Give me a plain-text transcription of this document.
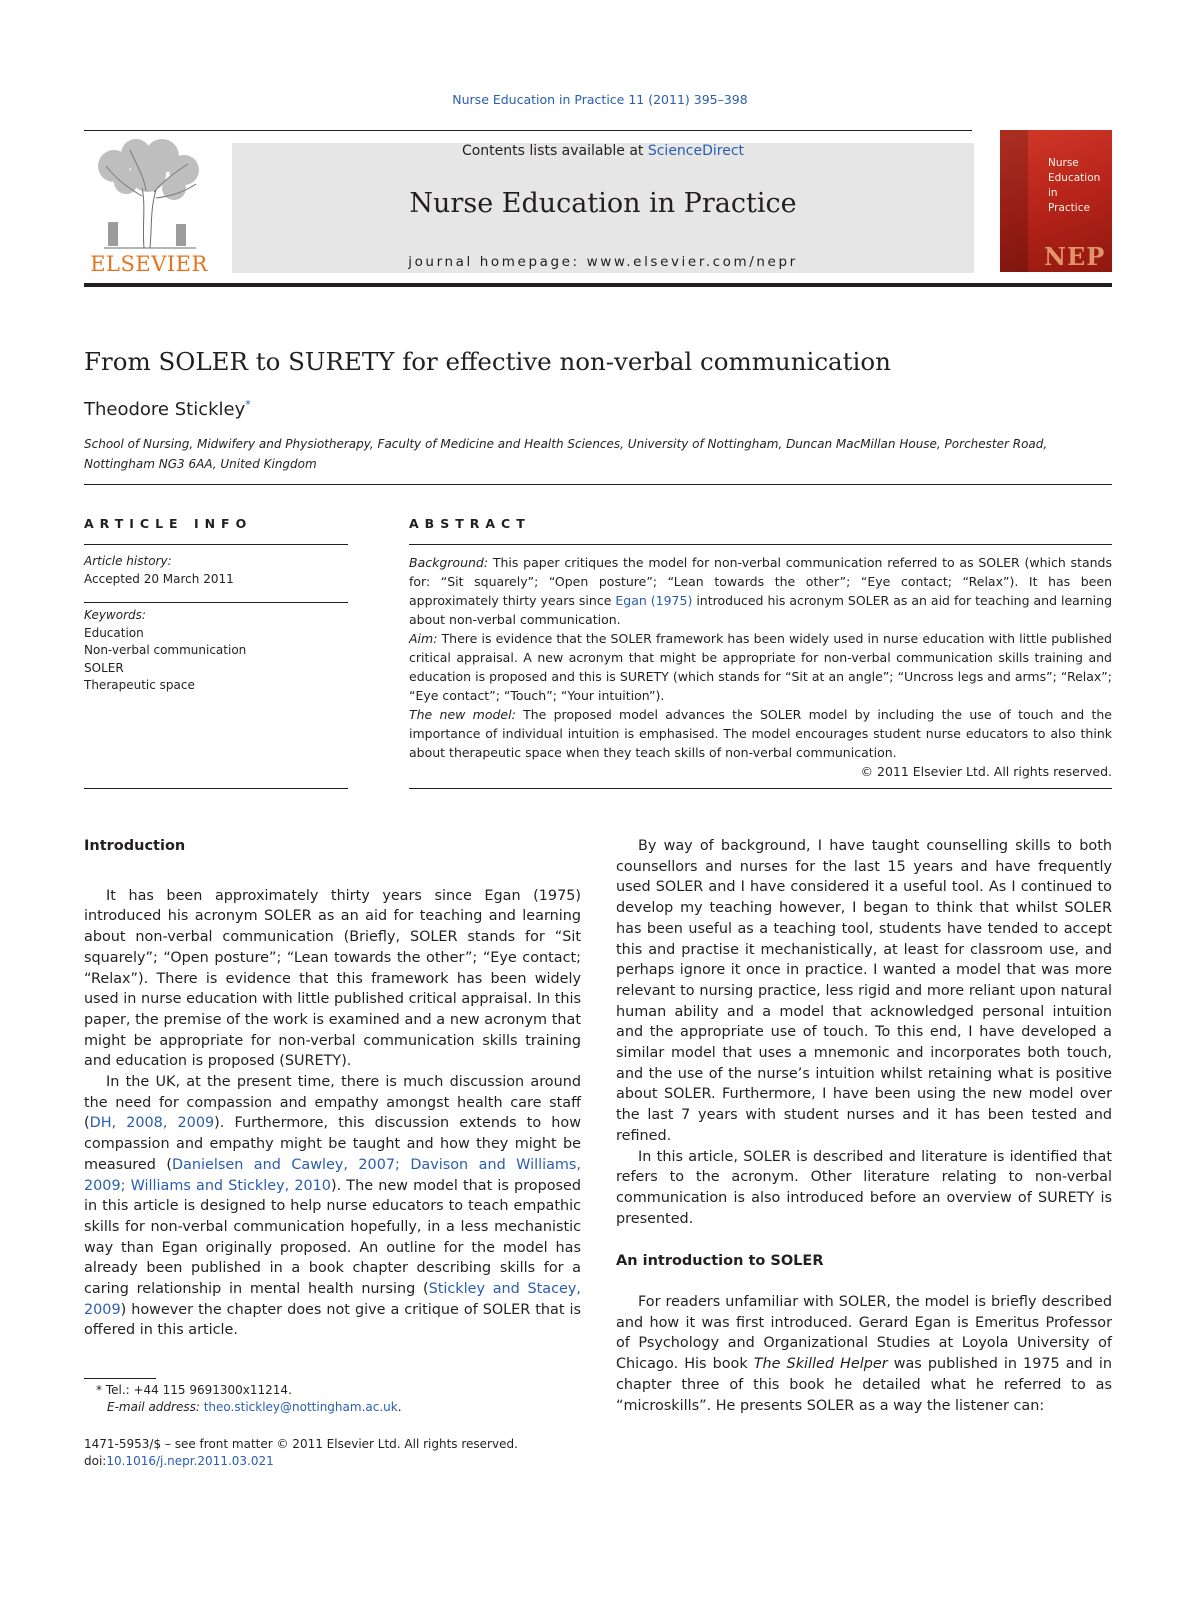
Nurse Education in Practice 11 (2011) 395–398
ELSEVIER
Contents lists available at ScienceDirect
Nurse Education in Practice
journal homepage: www.elsevier.com/nepr
Nurse
Education in
Practice
NEP
From SOLER to SURETY for effective non-verbal communication
Theodore Stickley*
School of Nursing, Midwifery and Physiotherapy, Faculty of Medicine and Health Sciences, University of Nottingham, Duncan MacMillan House, Porchester Road, Nottingham NG3 6AA, United Kingdom
ARTICLE INFO
Article history:
Accepted 20 March 2011
Keywords:
Education
Non-verbal communication
SOLER
Therapeutic space
ABSTRACT

Background: This paper critiques the model for non-verbal communication referred to as SOLER (which stands for: “Sit squarely”; “Open posture”; “Lean towards the other”; “Eye contact; “Relax”). It has been approximately thirty years since Egan (1975) introduced his acronym SOLER as an aid for teaching and learning about non-verbal communication.

Aim: There is evidence that the SOLER framework has been widely used in nurse education with little published critical appraisal. A new acronym that might be appropriate for non-verbal communication skills training and education is proposed and this is SURETY (which stands for “Sit at an angle”; “Uncross legs and arms”; “Relax”; “Eye contact”; “Touch”; “Your intuition”).

The new model: The proposed model advances the SOLER model by including the use of touch and the importance of individual intuition is emphasised. The model encourages student nurse educators to also think about therapeutic space when they teach skills of non-verbal communication.

© 2011 Elsevier Ltd. All rights reserved.

Introduction

It has been approximately thirty years since Egan (1975) introduced his acronym SOLER as an aid for teaching and learning about non-verbal communication (Briefly, SOLER stands for “Sit squarely”; “Open posture”; “Lean towards the other”; “Eye contact; “Relax”). There is evidence that this framework has been widely used in nurse education with little published critical appraisal. In this paper, the premise of the work is examined and a new acronym that might be appropriate for non-verbal communication skills training and education is proposed (SURETY).

In the UK, at the present time, there is much discussion around the need for compassion and empathy amongst health care staff (DH, 2008, 2009). Furthermore, this discussion extends to how compassion and empathy might be taught and how they might be measured (Danielsen and Cawley, 2007; Davison and Williams, 2009; Williams and Stickley, 2010). The new model that is proposed in this article is designed to help nurse educators to teach empathic skills for non-verbal communication hopefully, in a less mechanistic way than Egan originally proposed. An outline for the model has already been published in a book chapter describing skills for a caring relationship in mental health nursing (Stickley and Stacey, 2009) however the chapter does not give a critique of SOLER that is offered in this article.

* Tel.: +44 115 9691300x11214.
E-mail address: theo.stickley@nottingham.ac.uk.
1471-5953/$ – see front matter © 2011 Elsevier Ltd. All rights reserved.
doi:10.1016/j.nepr.2011.03.021

By way of background, I have taught counselling skills to both counsellors and nurses for the last 15 years and have frequently used SOLER and I have considered it a useful tool. As I continued to develop my teaching however, I began to think that whilst SOLER has been useful as a teaching tool, students have tended to accept this and practise it mechanistically, at least for classroom use, and perhaps ignore it once in practice. I wanted a model that was more relevant to nursing practice, less rigid and more reliant upon natural human ability and a model that acknowledged personal intuition and the appropriate use of touch. To this end, I have developed a similar model that uses a mnemonic and incorporates both touch, and the use of the nurse’s intuition whilst retaining what is positive about SOLER. Furthermore, I have been using the new model over the last 7 years with student nurses and it has been tested and refined.

In this article, SOLER is described and literature is identified that refers to the acronym. Other literature relating to non-verbal communication is also introduced before an overview of SURETY is presented.

An introduction to SOLER

For readers unfamiliar with SOLER, the model is briefly described and how it was first introduced. Gerard Egan is Emeritus Professor of Psychology and Organizational Studies at Loyola University of Chicago. His book The Skilled Helper was published in 1975 and in chapter three of this book he detailed what he referred to as “microskills”. He presents SOLER as a way the listener can:
